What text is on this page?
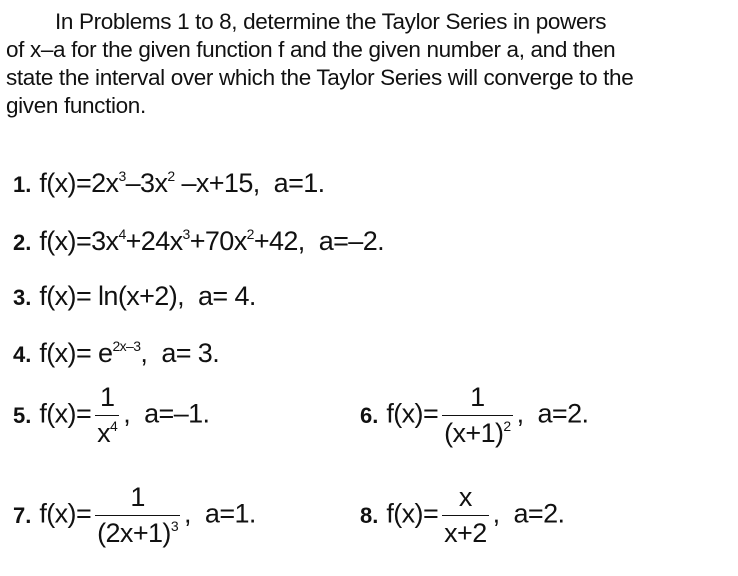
In Problems 1 to 8, determine the Taylor Series in powers
of x–a for the given function f and the given number a, and then
state the interval over which the Taylor Series will converge to the
given function.
1. $f(x)=2x^3-3x^2$ –x+15, a=1.
2. $f(x)=3x^4+24x^3+70x^2+42$, a=–2.
3. f(x)= ln(x+2), a= 4.
4. $f(x)= e^{2x-3}$, a= 3.
5. $f(x)= \frac{1}{x^4}$ , a=–1.	6. $f(x)= \frac{1}{(x+1)^2}$ , a=2.
7. $f(x)= \frac{1}{(2x+1)^3}$ , a=1.	8. $f(x)= \frac{x}{x+2}$ , a=2.
